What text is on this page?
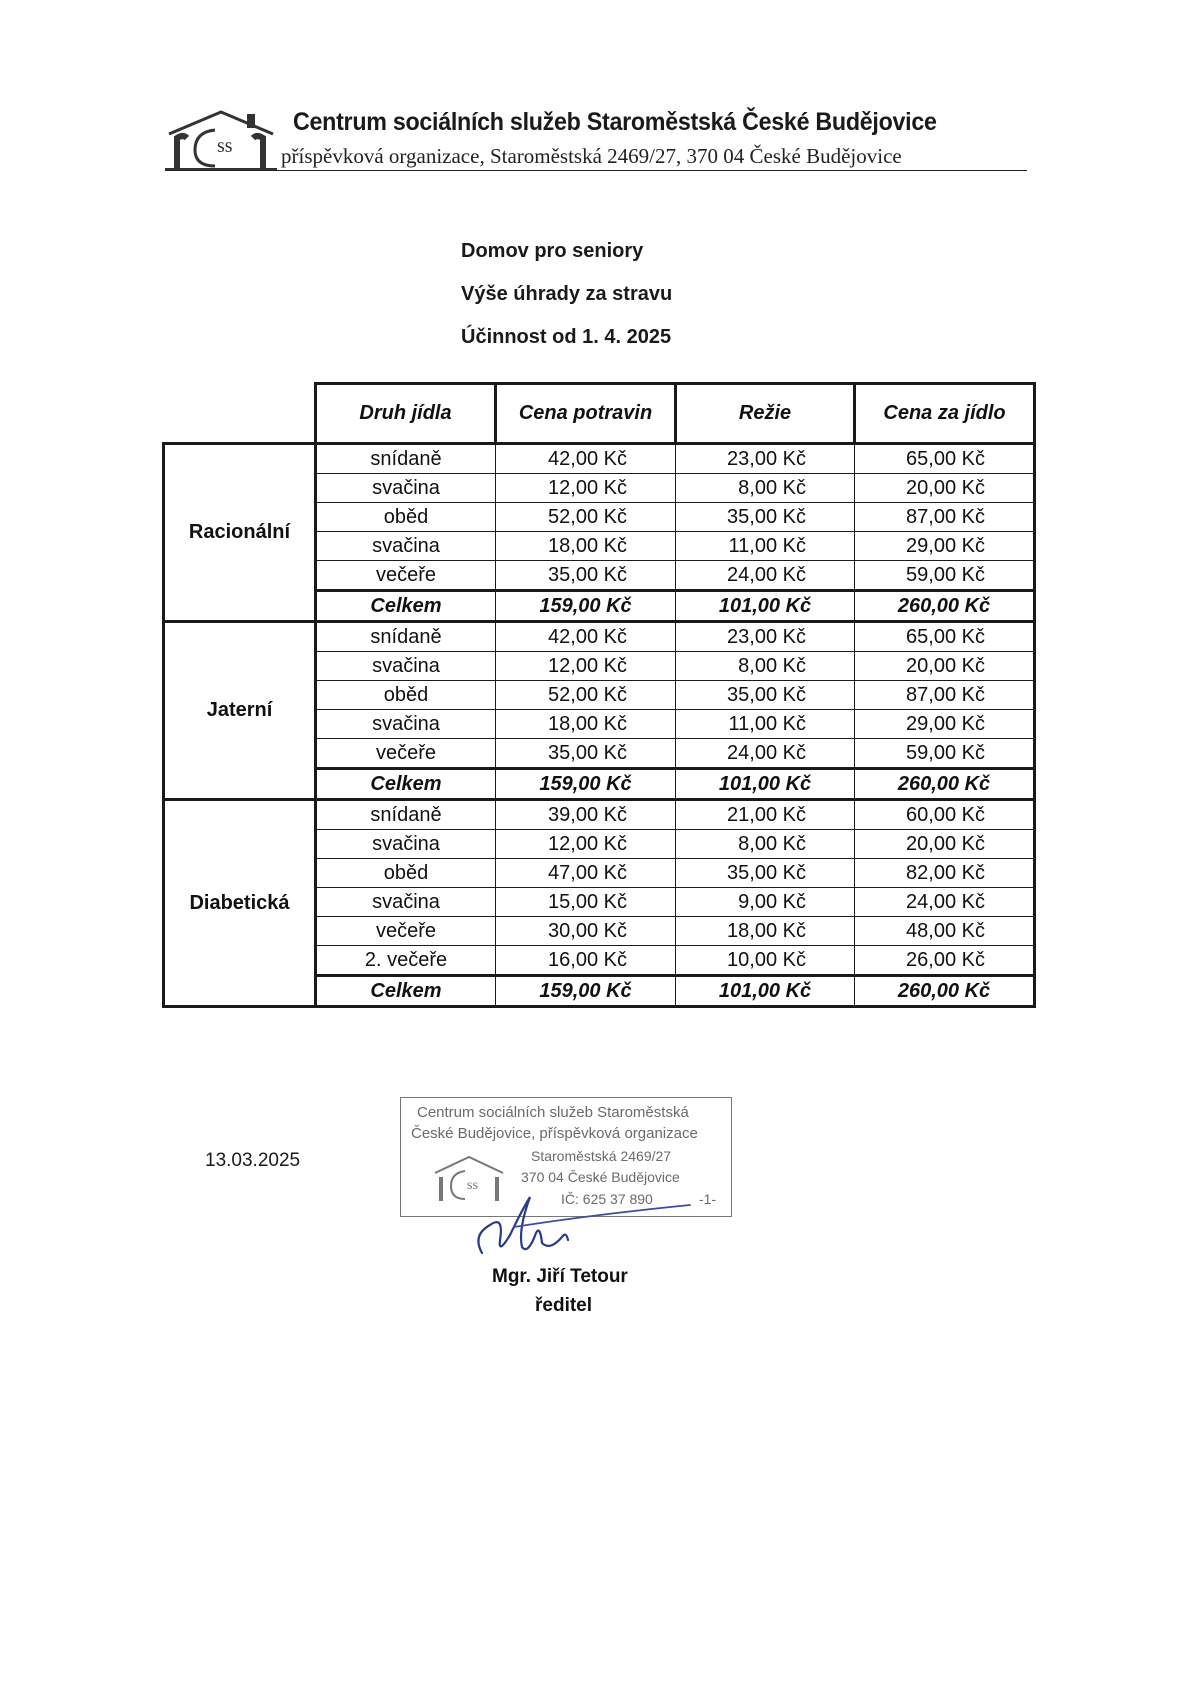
ss
Centrum sociálních služeb Staroměstská České Budějovice
příspěvková organizace, Staroměstská 2469/27, 370 04 České Budějovice
Domov pro seniory
Výše úhrady za stravu
Účinnost od 1. 4. 2025
	Druh jídla	Cena potravin	Režie	Cena za jídlo
Racionální	snídaně	42,00 Kč	23,00 Kč	65,00 Kč
	svačina	12,00 Kč	8,00 Kč	20,00 Kč
	oběd	52,00 Kč	35,00 Kč	87,00 Kč
	svačina	18,00 Kč	11,00 Kč	29,00 Kč
	večeře	35,00 Kč	24,00 Kč	59,00 Kč
	Celkem	159,00 Kč	101,00 Kč	260,00 Kč
Jaterní	snídaně	42,00 Kč	23,00 Kč	65,00 Kč
	svačina	12,00 Kč	8,00 Kč	20,00 Kč
	oběd	52,00 Kč	35,00 Kč	87,00 Kč
	svačina	18,00 Kč	11,00 Kč	29,00 Kč
	večeře	35,00 Kč	24,00 Kč	59,00 Kč
	Celkem	159,00 Kč	101,00 Kč	260,00 Kč
Diabetická	snídaně	39,00 Kč	21,00 Kč	60,00 Kč
	svačina	12,00 Kč	8,00 Kč	20,00 Kč
	oběd	47,00 Kč	35,00 Kč	82,00 Kč
	svačina	15,00 Kč	9,00 Kč	24,00 Kč
	večeře	30,00 Kč	18,00 Kč	48,00 Kč
	2. večeře	16,00 Kč	10,00 Kč	26,00 Kč
	Celkem	159,00 Kč	101,00 Kč	260,00 Kč
13.03.2025
Centrum sociálních služeb Staroměstská
České Budějovice, příspěvková organizace
ss
Staroměstská 2469/27
370 04 České Budějovice
IČ: 625 37 890	-1-
Mgr. Jiří Tetour
ředitel
